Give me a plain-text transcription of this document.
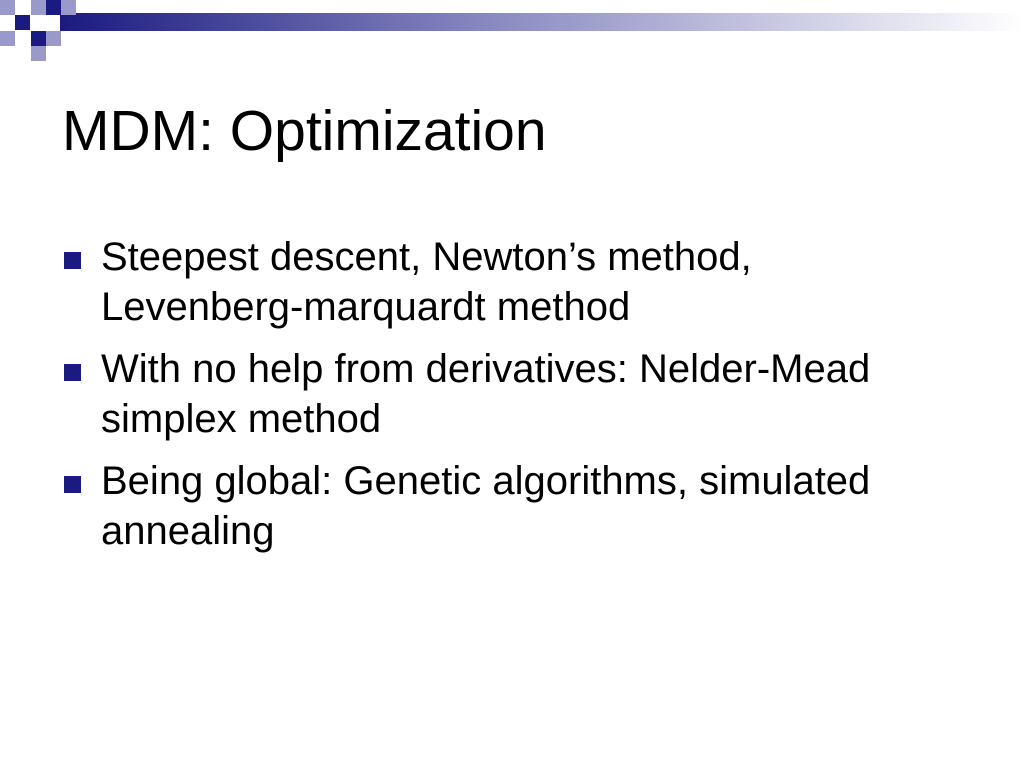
MDM: Optimization
Steepest descent, Newton’s method, Levenberg-marquardt method
With no help from derivatives: Nelder-Mead simplex method
Being global: Genetic algorithms, simulated annealing
